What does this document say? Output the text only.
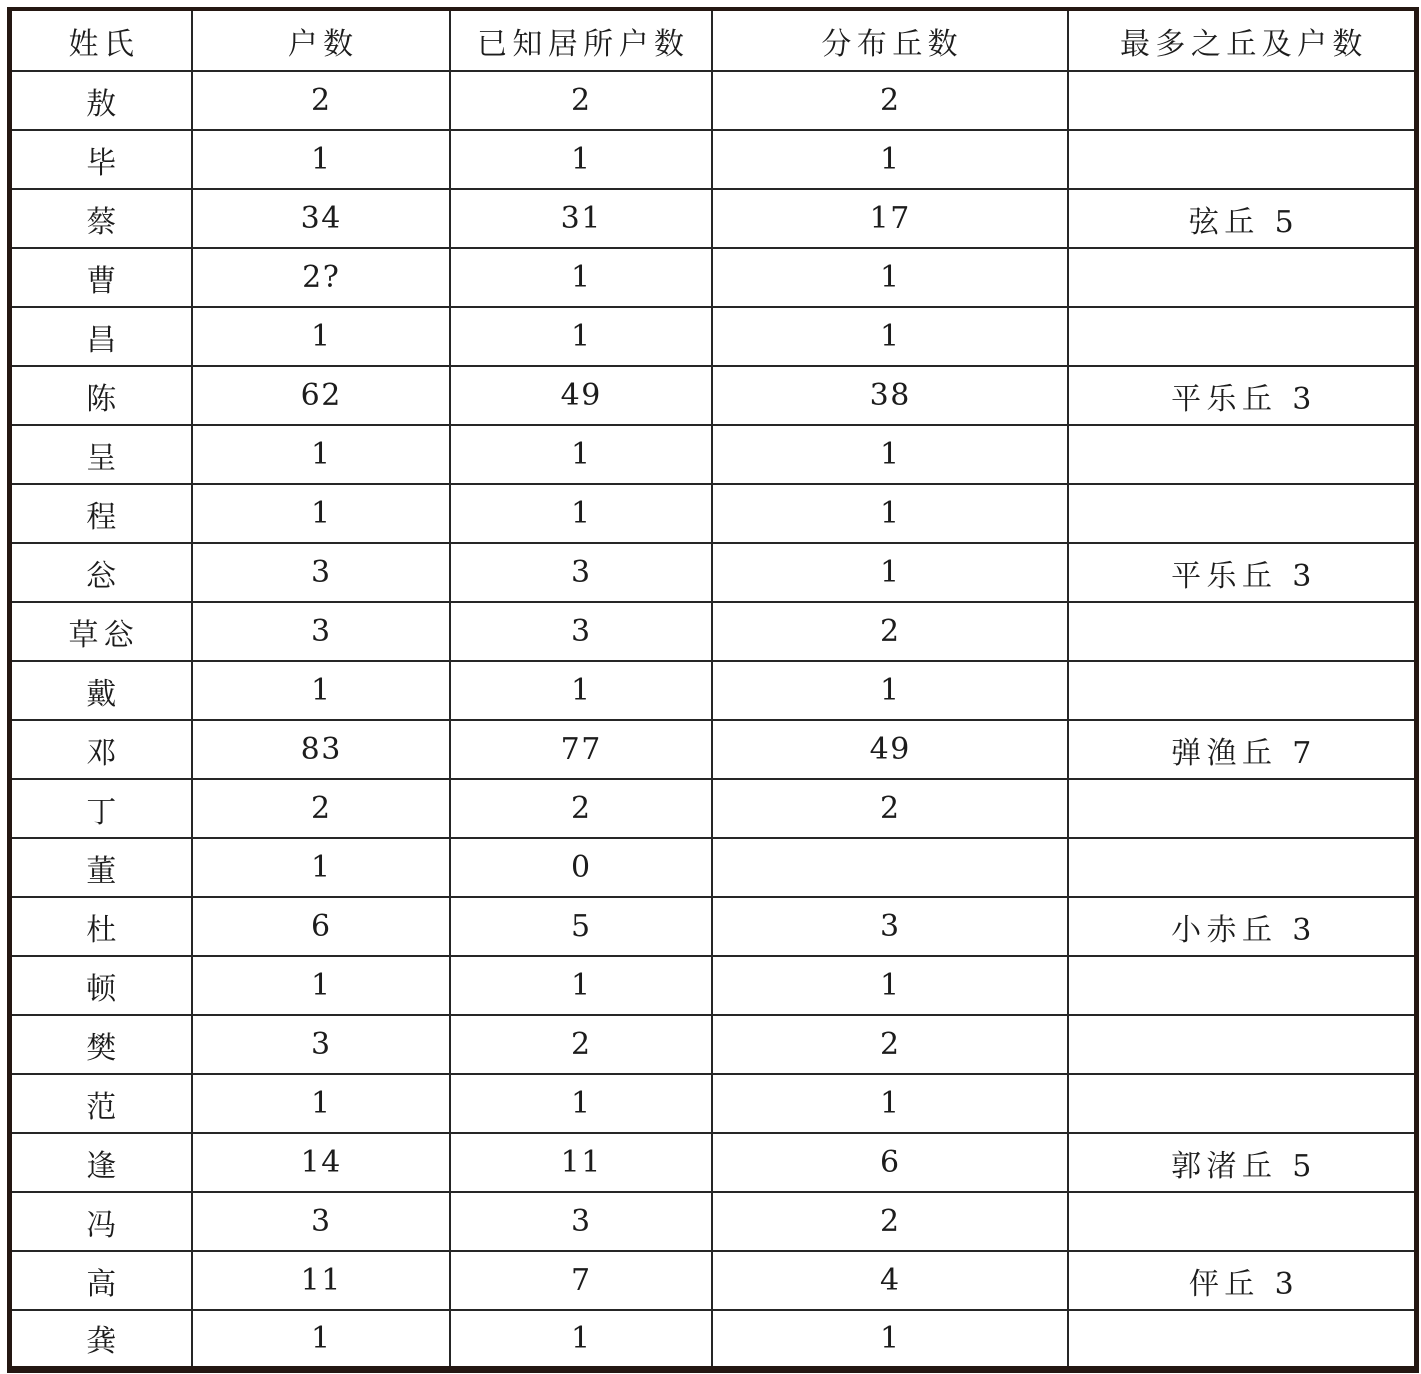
姓氏	户数	已知居所户数	分布丘数	最多之丘及户数
敖	2	2	2	
毕	1	1	1	
蔡	34	31	17	弦丘 5
曹	2?	1	1	
昌	1	1	1	
陈	62	49	38	平乐丘 3
呈	1	1	1	
程	1	1	1	
忩	3	3	1	平乐丘 3
草忩	3	3	2	
戴	1	1	1	
邓	83	77	49	弹渔丘 7
丁	2	2	2	
董	1	0		
杜	6	5	3	小赤丘 3
顿	1	1	1	
樊	3	2	2	
范	1	1	1	
逢	14	11	6	郭渚丘 5
冯	3	3	2	
高	11	7	4	伻丘 3
龚	1	1	1	
